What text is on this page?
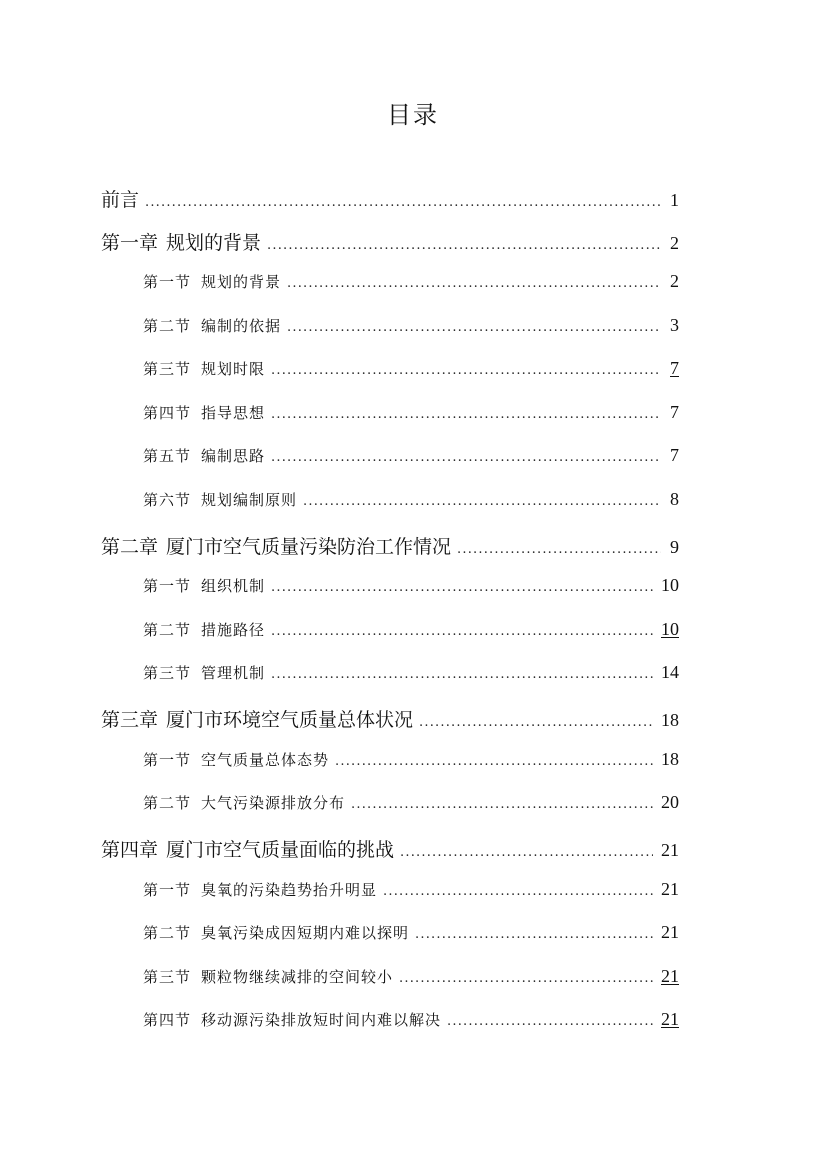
目录
前言 .....	1
第一章 规划的背景 .....	2
第一节 规划的背景 .....	2
第二节 编制的依据 .....	3
第三节 规划时限 .....	7
第四节 指导思想 .....	7
第五节 编制思路 .....	7
第六节 规划编制原则 .....	8
第二章 厦门市空气质量污染防治工作情况 .....	9
第一节 组织机制 .....	10
第二节 措施路径 .....	10
第三节 管理机制 .....	14
第三章 厦门市环境空气质量总体状况 .....	18
第一节 空气质量总体态势 .....	18
第二节 大气污染源排放分布 .....	20
第四章 厦门市空气质量面临的挑战 .....	21
第一节 臭氧的污染趋势抬升明显 .....	21
第二节 臭氧污染成因短期内难以探明 .....	21
第三节 颗粒物继续减排的空间较小 .....	21
第四节 移动源污染排放短时间内难以解决 .....	21
